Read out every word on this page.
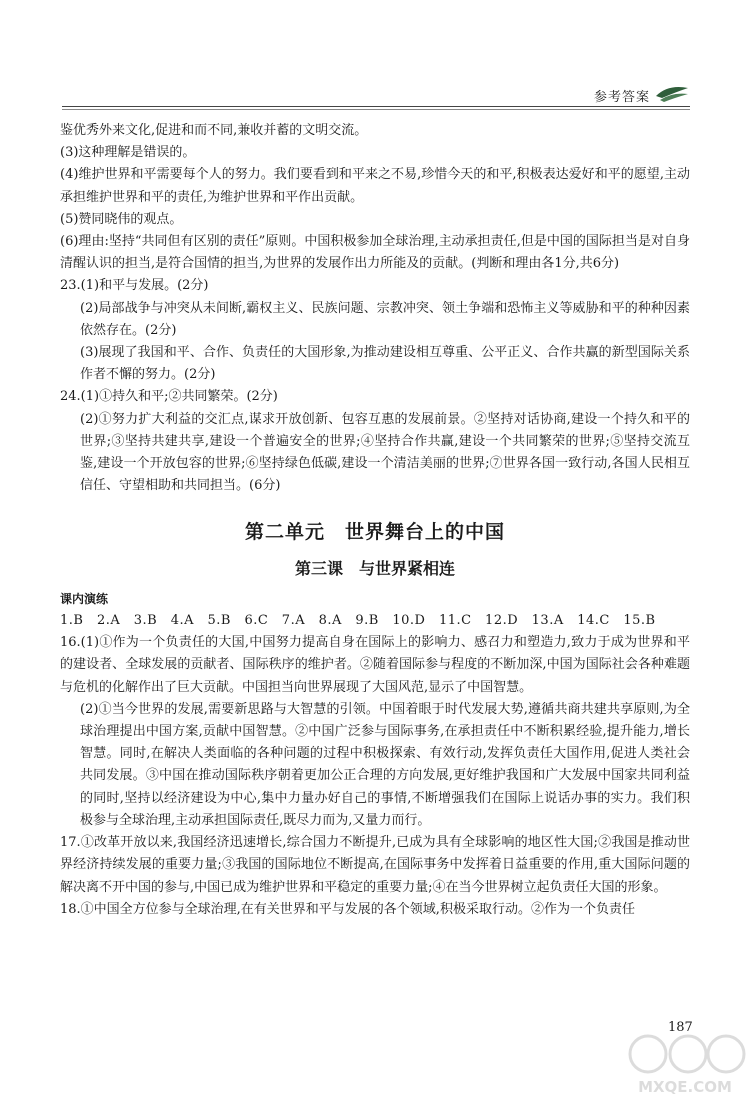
参考答案

鉴优秀外来文化,促进和而不同,兼收并蓄的文明交流。

(3)这种理解是错误的。

(4)维护世界和平需要每个人的努力。我们要看到和平来之不易,珍惜今天的和平,积极表达爱好和平的愿望,主动承担维护世界和平的责任,为维护世界和平作出贡献。

(5)赞同晓伟的观点。

(6)理由:坚持“共同但有区别的责任”原则。中国积极参加全球治理,主动承担责任,但是中国的国际担当是对自身清醒认识的担当,是符合国情的担当,为世界的发展作出力所能及的贡献。(判断和理由各1分,共6分)

23.(1)和平与发展。(2分)

(2)局部战争与冲突从未间断,霸权主义、民族问题、宗教冲突、领土争端和恐怖主义等威胁和平的种种因素依然存在。(2分)

(3)展现了我国和平、合作、负责任的大国形象,为推动建设相互尊重、公平正义、合作共赢的新型国际关系作者不懈的努力。(2分)

24.(1)①持久和平;②共同繁荣。(2分)

(2)①努力扩大利益的交汇点,谋求开放创新、包容互惠的发展前景。②坚持对话协商,建设一个持久和平的世界;③坚持共建共享,建设一个普遍安全的世界;④坚持合作共赢,建设一个共同繁荣的世界;⑤坚持交流互鉴,建设一个开放包容的世界;⑥坚持绿色低碳,建设一个清洁美丽的世界;⑦世界各国一致行动,各国人民相互信任、守望相助和共同担当。(6分)

第二单元　世界舞台上的中国
第三课　与世界紧相连

课内演练

1.B　2.A　3.B　4.A　5.B　6.C　7.A　8.A　9.B　10.D　11.C　12.D　13.A　14.C　15.B

16.(1)①作为一个负责任的大国,中国努力提高自身在国际上的影响力、感召力和塑造力,致力于成为世界和平的建设者、全球发展的贡献者、国际秩序的维护者。②随着国际参与程度的不断加深,中国为国际社会各种难题与危机的化解作出了巨大贡献。中国担当向世界展现了大国风范,显示了中国智慧。

(2)①当今世界的发展,需要新思路与大智慧的引领。中国着眼于时代发展大势,遵循共商共建共享原则,为全球治理提出中国方案,贡献中国智慧。②中国广泛参与国际事务,在承担责任中不断积累经验,提升能力,增长智慧。同时,在解决人类面临的各种问题的过程中积极探索、有效行动,发挥负责任大国作用,促进人类社会共同发展。③中国在推动国际秩序朝着更加公正合理的方向发展,更好维护我国和广大发展中国家共同利益的同时,坚持以经济建设为中心,集中力量办好自己的事情,不断增强我们在国际上说话办事的实力。我们积极参与全球治理,主动承担国际责任,既尽力而为,又量力而行。

17.①改革开放以来,我国经济迅速增长,综合国力不断提升,已成为具有全球影响的地区性大国;②我国是推动世界经济持续发展的重要力量;③我国的国际地位不断提高,在国际事务中发挥着日益重要的作用,重大国际问题的解决离不开中国的参与,中国已成为维护世界和平稳定的重要力量;④在当今世界树立起负责任大国的形象。

18.①中国全方位参与全球治理,在有关世界和平与发展的各个领域,积极采取行动。②作为一个负责任

187
MXQE.COM
